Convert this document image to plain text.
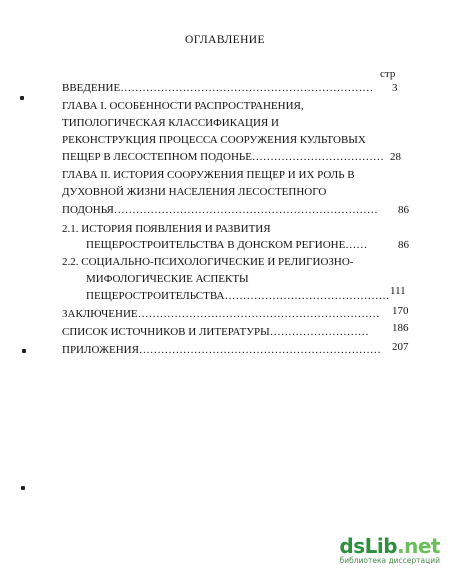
ОГЛАВЛЕНИЕ
стр
ВВЕДЕНИЕ…………………………………………………………… 3
ГЛАВА I. ОСОБЕННОСТИ РАСПРОСТРАНЕНИЯ,
ТИПОЛОГИЧЕСКАЯ КЛАССИФИКАЦИЯ И
РЕКОНСТРУКЦИЯ ПРОЦЕССА СООРУЖЕНИЯ КУЛЬТОВЫХ
ПЕЩЕР В ЛЕСОСТЕПНОМ ПОДОНЬЕ……………………………… 28
ГЛАВА II. ИСТОРИЯ СООРУЖЕНИЯ ПЕЩЕР И ИХ РОЛЬ В
ДУХОВНОЙ ЖИЗНИ НАСЕЛЕНИЯ ЛЕСОСТЕПНОГО
ПОДОНЬЯ……………………………………………………………… 86
2.1. ИСТОРИЯ ПОЯВЛЕНИЯ И РАЗВИТИЯ
ПЕЩЕРОСТРОИТЕЛЬСТВА В ДОНСКОМ РЕГИОНЕ……	86
2.2. СОЦИАЛЬНО-ПСИХОЛОГИЧЕСКИЕ И РЕЛИГИОЗНО-
МИФОЛОГИЧЕСКИЕ АСПЕКТЫ
ПЕЩЕРОСТРОИТЕЛЬСТВА……………………………………… 111
ЗАКЛЮЧЕНИЕ………………………………………………………… 170
СПИСОК ИСТОЧНИКОВ И ЛИТЕРАТУРЫ……………………… 186
ПРИЛОЖЕНИЯ………………………………………………………… 207
dsLib.net
библиотека диссертаций
